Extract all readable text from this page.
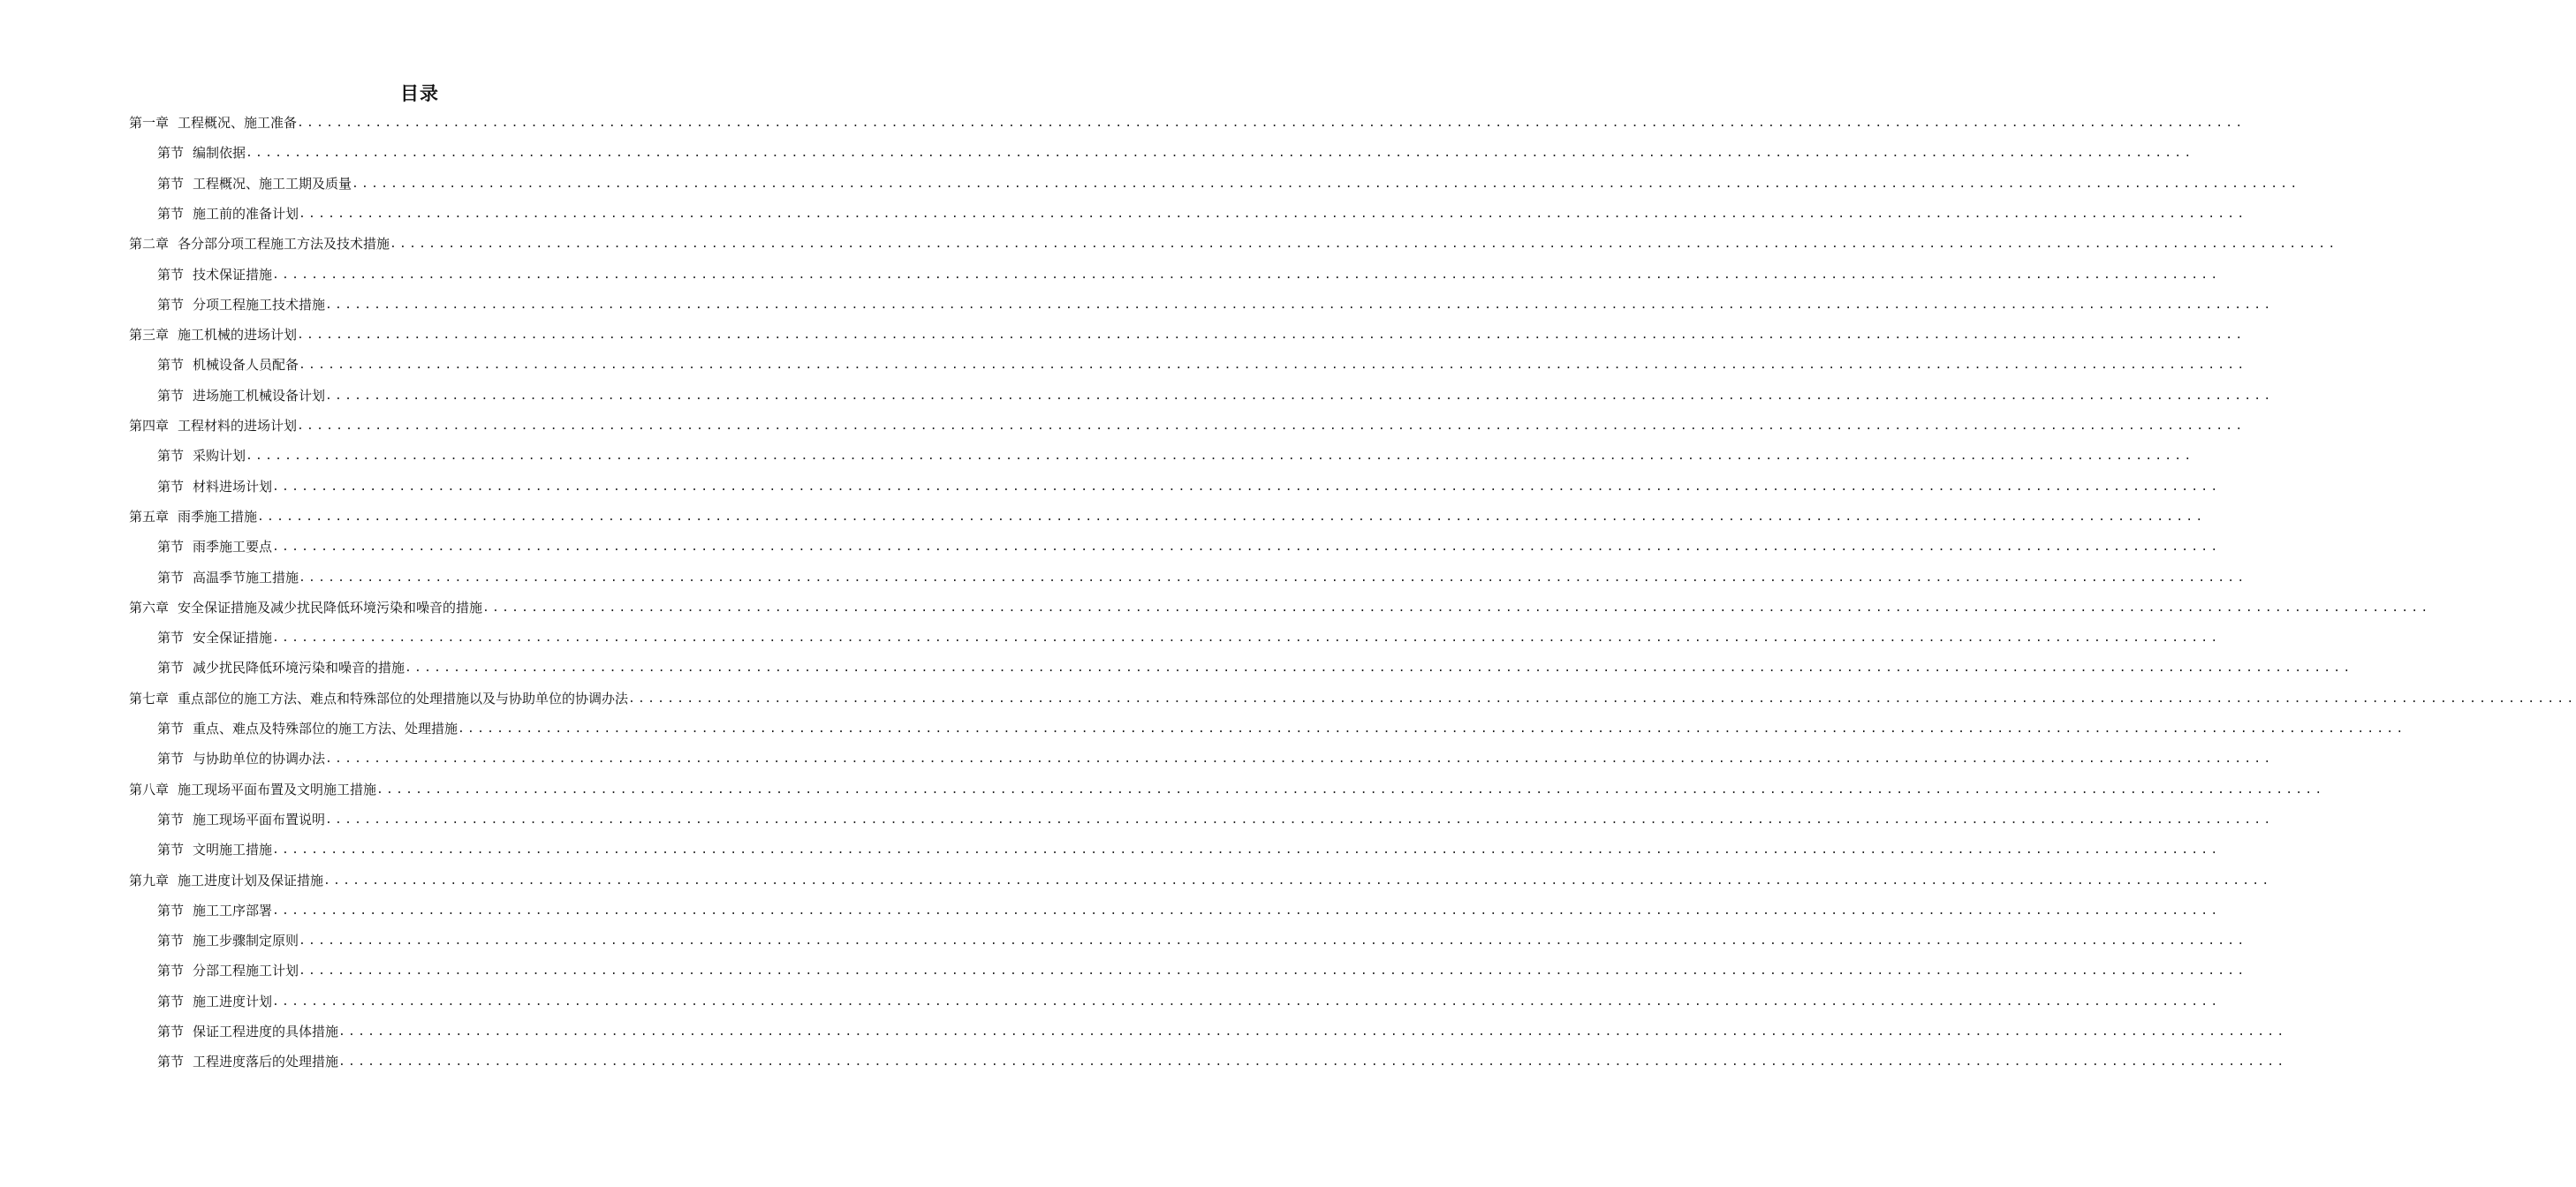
目录
第一章 工程概况、施工准备 ........................................................................................................................................................................................................
第节 编制依据 ........................................................................................................................................................................................................
第节 工程概况、施工工期及质量 ........................................................................................................................................................................................................
第节 施工前的准备计划 ........................................................................................................................................................................................................
第二章 各分部分项工程施工方法及技术措施 ........................................................................................................................................................................................................
第节 技术保证措施 ........................................................................................................................................................................................................
第节 分项工程施工技术措施 ........................................................................................................................................................................................................
第三章 施工机械的进场计划 ........................................................................................................................................................................................................
第节 机械设备人员配备 ........................................................................................................................................................................................................
第节 进场施工机械设备计划 ........................................................................................................................................................................................................
第四章 工程材料的进场计划 ........................................................................................................................................................................................................
第节 采购计划 ........................................................................................................................................................................................................
第节 材料进场计划 ........................................................................................................................................................................................................
第五章 雨季施工措施 ........................................................................................................................................................................................................
第节 雨季施工要点 ........................................................................................................................................................................................................
第节 高温季节施工措施 ........................................................................................................................................................................................................
第六章 安全保证措施及减少扰民降低环境污染和噪音的措施 ........................................................................................................................................................................................................
第节 安全保证措施 ........................................................................................................................................................................................................
第节 减少扰民降低环境污染和噪音的措施 ........................................................................................................................................................................................................
第七章 重点部位的施工方法、难点和特殊部位的处理措施以及与协助单位的协调办法 ........................................................................................................................................................................................................
第节 重点、难点及特殊部位的施工方法、处理措施 ........................................................................................................................................................................................................
第节 与协助单位的协调办法 ........................................................................................................................................................................................................
第八章 施工现场平面布置及文明施工措施 ........................................................................................................................................................................................................
第节 施工现场平面布置说明 ........................................................................................................................................................................................................
第节 文明施工措施 ........................................................................................................................................................................................................
第九章 施工进度计划及保证措施 ........................................................................................................................................................................................................
第节 施工工序部署 ........................................................................................................................................................................................................
第节 施工步骤制定原则 ........................................................................................................................................................................................................
第节 分部工程施工计划 ........................................................................................................................................................................................................
第节 施工进度计划 ........................................................................................................................................................................................................
第节 保证工程进度的具体措施 ........................................................................................................................................................................................................
第节 工程进度落后的处理措施 ........................................................................................................................................................................................................
